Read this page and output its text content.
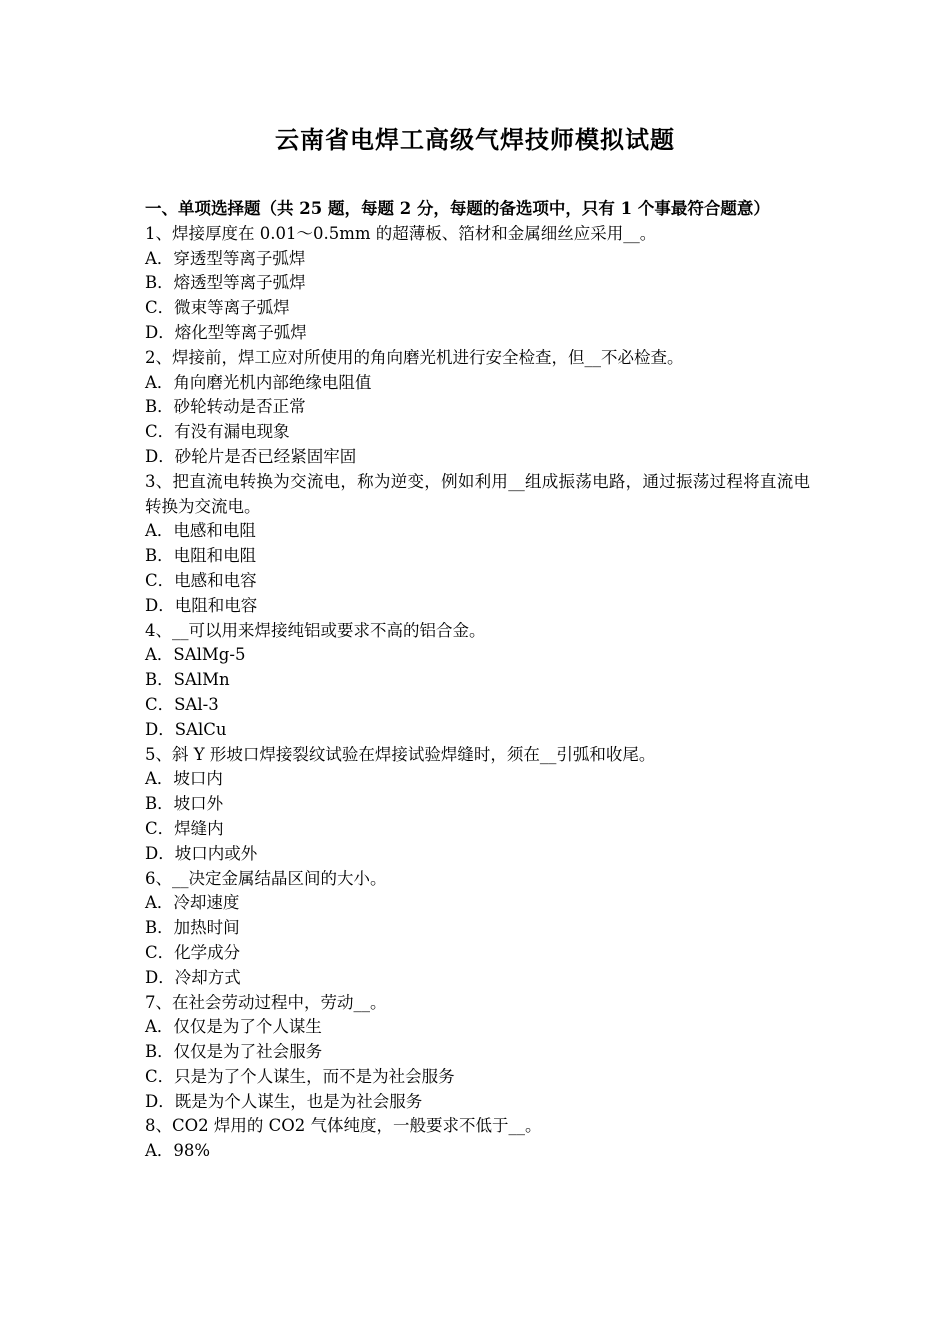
云南省电焊工高级气焊技师模拟试题
一、单项选择题（共 25 题，每题 2 分，每题的备选项中，只有 1 个事最符合题意）
1、焊接厚度在 0.01～0.5mm 的超薄板、箔材和金属细丝应采用__。
A．穿透型等离子弧焊
B．熔透型等离子弧焊
C．微束等离子弧焊
D．熔化型等离子弧焊
2、焊接前，焊工应对所使用的角向磨光机进行安全检查，但__不必检查。
A．角向磨光机内部绝缘电阻值
B．砂轮转动是否正常
C．有没有漏电现象
D．砂轮片是否已经紧固牢固
3、把直流电转换为交流电，称为逆变，例如利用__组成振荡电路，通过振荡过程将直流电转换为交流电。
A．电感和电阻
B．电阻和电阻
C．电感和电容
D．电阻和电容
4、__可以用来焊接纯铝或要求不高的铝合金。
A．SAlMg-5
B．SAlMn
C．SAl-3
D．SAlCu
5、斜 Y 形坡口焊接裂纹试验在焊接试验焊缝时，须在__引弧和收尾。
A．坡口内
B．坡口外
C．焊缝内
D．坡口内或外
6、__决定金属结晶区间的大小。
A．冷却速度
B．加热时间
C．化学成分
D．冷却方式
7、在社会劳动过程中，劳动__。
A．仅仅是为了个人谋生
B．仅仅是为了社会服务
C．只是为了个人谋生，而不是为社会服务
D．既是为个人谋生，也是为社会服务
8、CO2 焊用的 CO2 气体纯度，一般要求不低于__。
A．98%
